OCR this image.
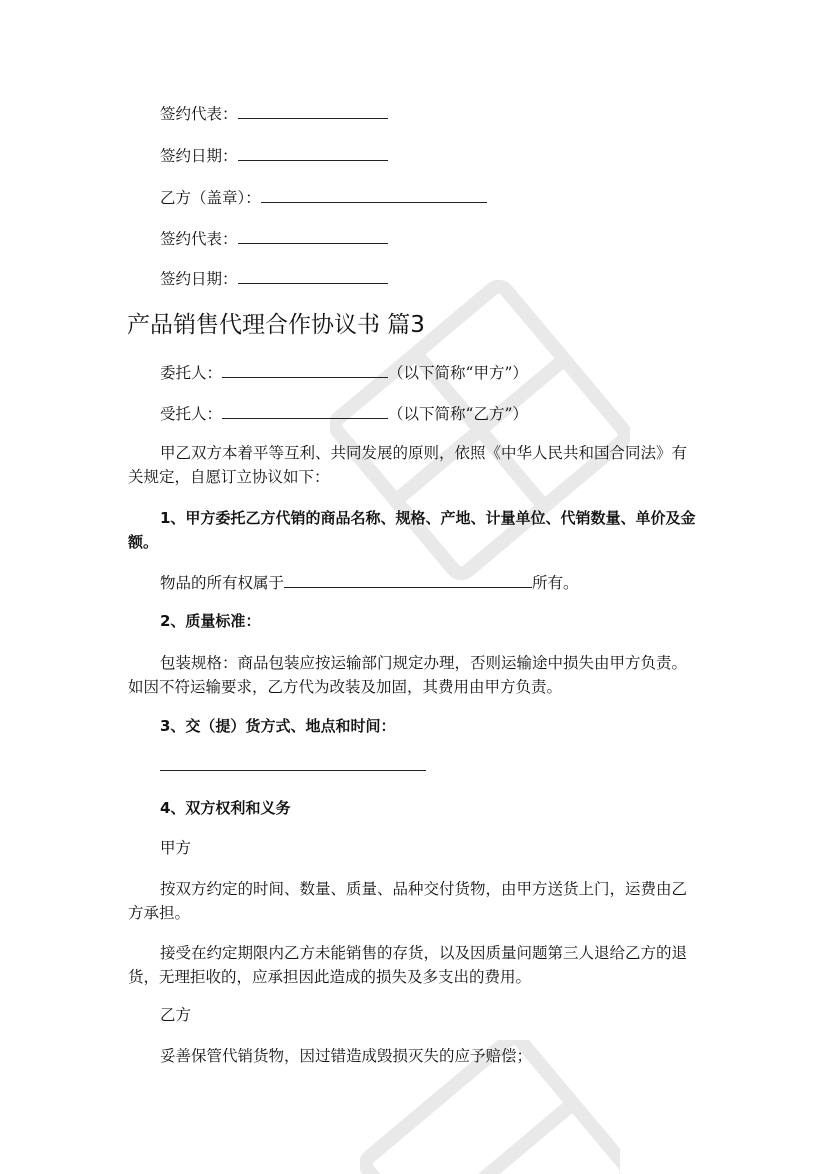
签约代表：
签约日期：
乙方（盖章）：
签约代表：
签约日期：
产品销售代理合作协议书 篇3
委托人：	（以下简称“甲方”）
受托人：	（以下简称“乙方”）
甲乙双方本着平等互利、共同发展的原则，依照《中华人民共和国合同法》有关规定，自愿订立协议如下：
1、甲方委托乙方代销的商品名称、规格、产地、计量单位、代销数量、单价及金额。
物品的所有权属于	所有。
2、质量标准：
包装规格：商品包装应按运输部门规定办理，否则运输途中损失由甲方负责。如因不符运输要求，乙方代为改装及加固，其费用由甲方负责。
3、交（提）货方式、地点和时间：
4、双方权利和义务
甲方
按双方约定的时间、数量、质量、品种交付货物，由甲方送货上门，运费由乙方承担。
接受在约定期限内乙方未能销售的存货，以及因质量问题第三人退给乙方的退货，无理拒收的，应承担因此造成的损失及多支出的费用。
乙方
妥善保管代销货物，因过错造成毁损灭失的应予赔偿；
